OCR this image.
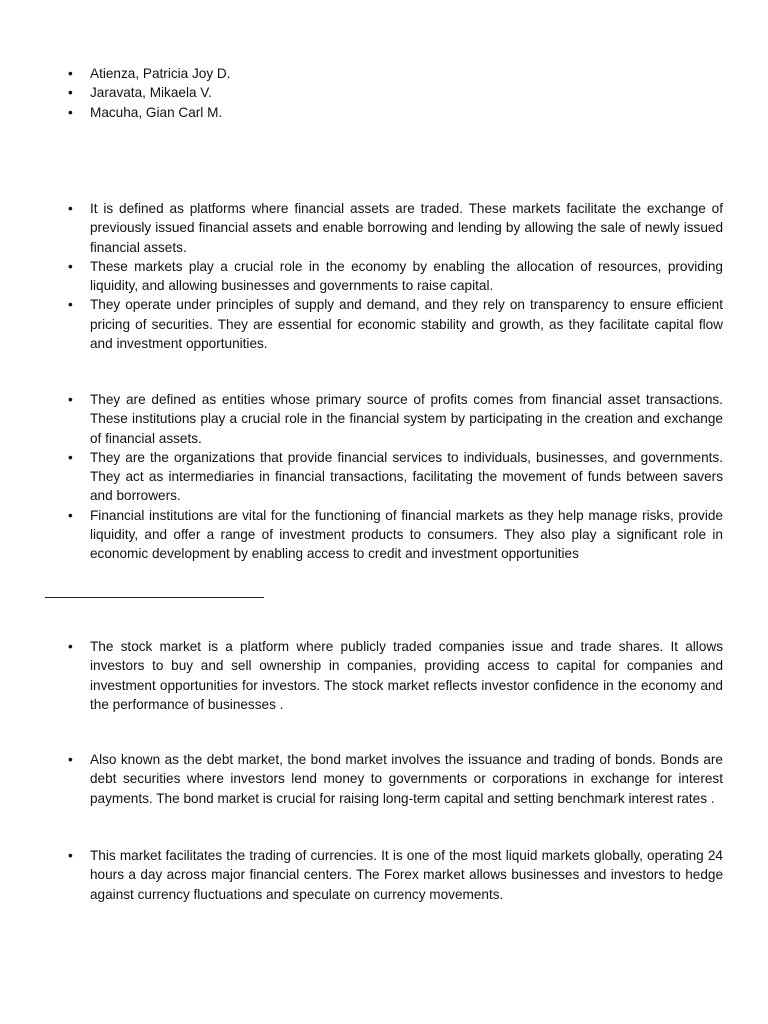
• Atienza, Patricia Joy D.
• Jaravata, Mikaela V.
• Macuha, Gian Carl M.
• It is defined as platforms where financial assets are traded. These markets facilitate the exchange of previously issued financial assets and enable borrowing and lending by allowing the sale of newly issued financial assets.
• These markets play a crucial role in the economy by enabling the allocation of resources, providing liquidity, and allowing businesses and governments to raise capital.
• They operate under principles of supply and demand, and they rely on transparency to ensure efficient pricing of securities. They are essential for economic stability and growth, as they facilitate capital flow and investment opportunities.
• They are defined as entities whose primary source of profits comes from financial asset transactions. These institutions play a crucial role in the financial system by participating in the creation and exchange of financial assets.
• They are the organizations that provide financial services to individuals, businesses, and governments. They act as intermediaries in financial transactions, facilitating the movement of funds between savers and borrowers.
• Financial institutions are vital for the functioning of financial markets as they help manage risks, provide liquidity, and offer a range of investment products to consumers. They also play a significant role in economic development by enabling access to credit and investment opportunities
• The stock market is a platform where publicly traded companies issue and trade shares. It allows investors to buy and sell ownership in companies, providing access to capital for companies and investment opportunities for investors. The stock market reflects investor confidence in the economy and the performance of businesses .
• Also known as the debt market, the bond market involves the issuance and trading of bonds. Bonds are debt securities where investors lend money to governments or corporations in exchange for interest payments. The bond market is crucial for raising long-term capital and setting benchmark interest rates .
• This market facilitates the trading of currencies. It is one of the most liquid markets globally, operating 24 hours a day across major financial centers. The Forex market allows businesses and investors to hedge against currency fluctuations and speculate on currency movements.
